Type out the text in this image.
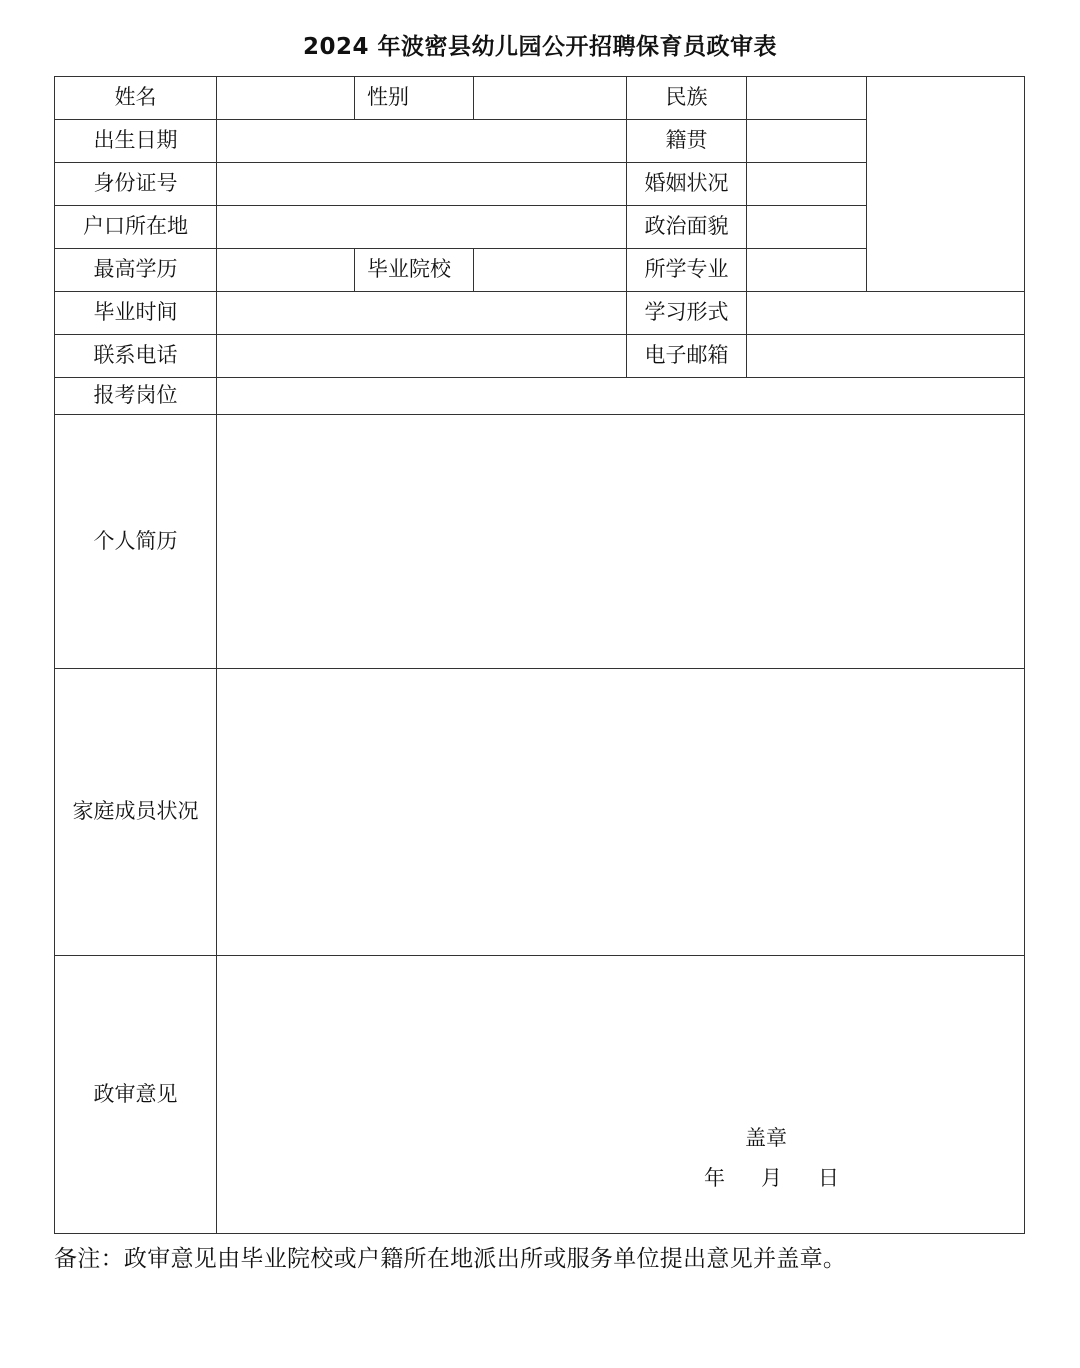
2024 年波密县幼儿园公开招聘保育员政审表
姓名		性别		民族		
出生日期				籍贯		
身份证号				婚姻状况		
户口所在地				政治面貌		
最高学历		毕业院校		所学专业		
毕业时间				学习形式		
联系电话				电子邮箱		
报考岗位						
个人简历						
家庭成员状况						
政审意见						
盖章
年 月 日
备注：政审意见由毕业院校或户籍所在地派出所或服务单位提出意见并盖章。
